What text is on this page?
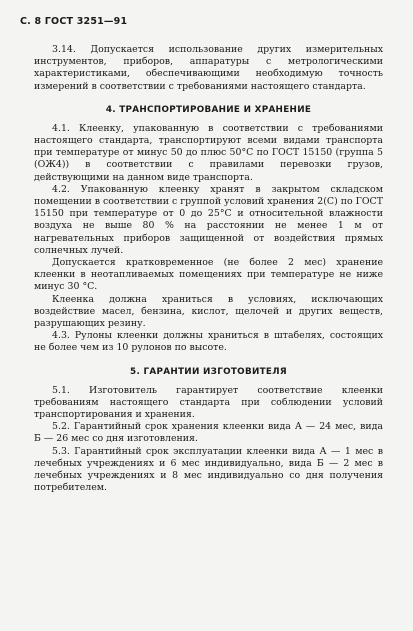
С. 8 ГОСТ 3251—91

3.14. Допускается использование других измерительных инструментов, приборов, аппаратуры с метрологическими характеристиками, обеспечивающими необходимую точность измерений в соответствии с требованиями настоящего стандарта.

4. ТРАНСПОРТИРОВАНИЕ И ХРАНЕНИЕ

4.1. Клеенку, упакованную в соответствии с требованиями настоящего стандарта, транспортируют всеми видами транспорта при температуре от минус 50 до плюс 50°C по ГОСТ 15150 (группа 5 (ОЖ4)) в соответствии с правилами перевозки грузов, действующими на данном виде транспорта.

4.2. Упакованную клеенку хранят в закрытом складском помещении в соответствии с группой условий хранения 2(С) по ГОСТ 15150 при температуре от 0 до 25°С и относительной влажности воздуха не выше 80 % на расстоянии не менее 1 м от нагревательных приборов защищенной от воздействия прямых солнечных лучей.

Допускается кратковременное (не более 2 мес) хранение клеенки в неотапливаемых помещениях при температуре не ниже минус 30 °С.

Клеенка должна храниться в условиях, исключающих воздействие масел, бензина, кислот, щелочей и других веществ, разрушающих резину.

4.3. Рулоны клеенки должны храниться в штабелях, состоящих не более чем из 10 рулонов по высоте.

5. ГАРАНТИИ ИЗГОТОВИТЕЛЯ

5.1. Изготовитель гарантирует соответствие клеенки требованиям настоящего стандарта при соблюдении условий транспортирования и хранения.

5.2. Гарантийный срок хранения клеенки вида А — 24 мес, вида Б — 26 мес со дня изготовления.

5.3. Гарантийный срок эксплуатации клеенки вида А — 1 мес в лечебных учреждениях и 6 мес индивидуально, вида Б — 2 мес в лечебных учреждениях и 8 мес индивидуально со дня получения потребителем.
